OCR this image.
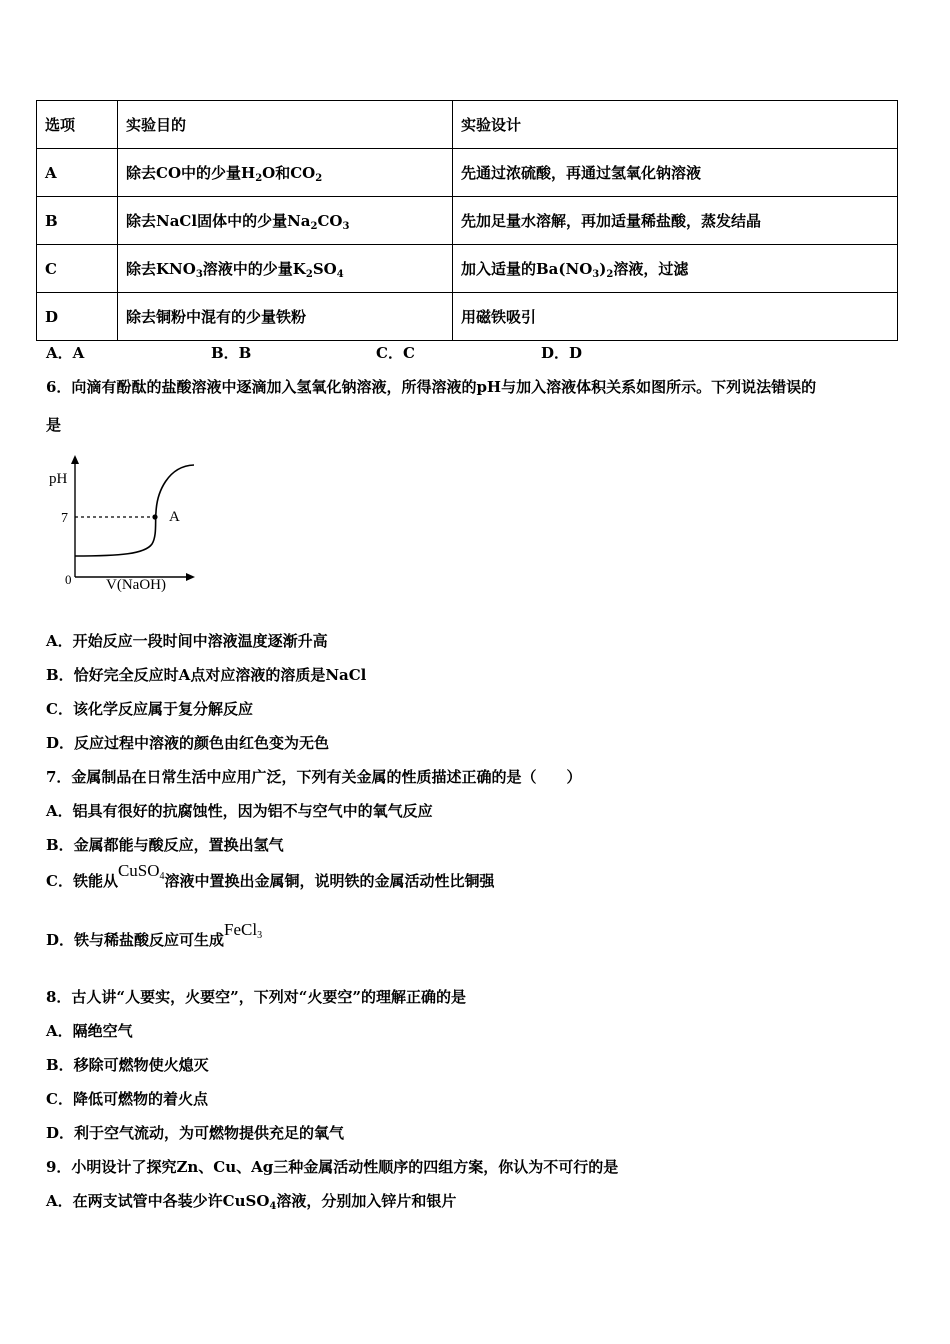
选项	实验目的	实验设计
A	除去CO中的少量$H_2O$和$CO_2$	先通过浓硫酸，再通过氢氧化钠溶液
B	除去NaCl固体中的少量$Na_2CO_3$	先加足量水溶解，再加适量稀盐酸，蒸发结晶
C	除去$KNO_3$溶液中的少量$K_2SO_4$	加入适量的$Ba(NO_3)_2$溶液，过滤
D	除去铜粉中混有的少量铁粉	用磁铁吸引
A．A	B．B	C．C	D．D
6．向滴有酚酞的盐酸溶液中逐滴加入氢氧化钠溶液，所得溶液的pH与加入溶液体积关系如图所示。下列说法错误的
是
pH
7
0 V(NaOH)
A
A．开始反应一段时间中溶液温度逐渐升高
B．恰好完全反应时A点对应溶液的溶质是NaCl
C．该化学反应属于复分解反应
D．反应过程中溶液的颜色由红色变为无色
7．金属制品在日常生活中应用广泛，下列有关金属的性质描述正确的是（　　）
A．铝具有很好的抗腐蚀性，因为铝不与空气中的氧气反应
B．金属都能与酸反应，置换出氢气
C．铁能从CuSO$_4$溶液中置换出金属铜，说明铁的金属活动性比铜强
D．铁与稀盐酸反应可生成FeCl$_3$
8．古人讲“人要实，火要空”，下列对“火要空”的理解正确的是
A．隔绝空气
B．移除可燃物使火熄灭
C．降低可燃物的着火点
D．利于空气流动，为可燃物提供充足的氧气
9．小明设计了探究Zn、Cu、Ag三种金属活动性顺序的四组方案，你认为不可行的是
A．在两支试管中各装少许CuSO$_4$溶液，分别加入锌片和银片
